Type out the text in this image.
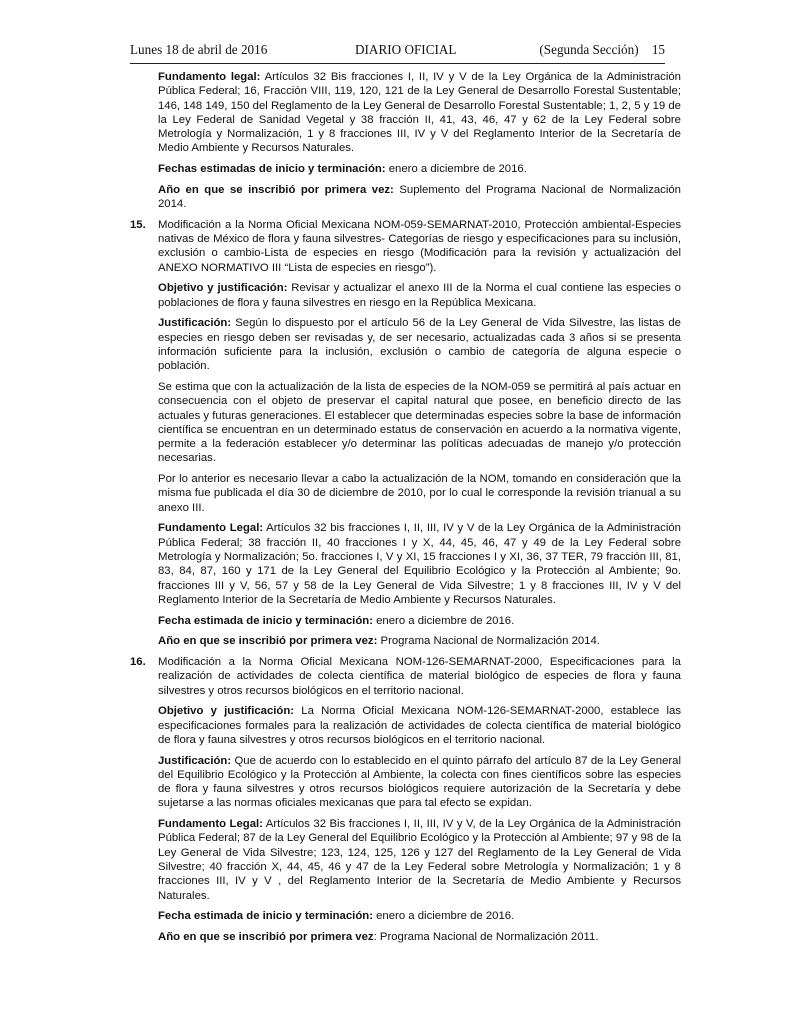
Lunes 18 de abril de 2016	DIARIO OFICIAL	(Segunda Sección) 15

Fundamento legal: Artículos 32 Bis fracciones I, II, IV y V de la Ley Orgánica de la Administración Pública Federal; 16, Fracción VIII, 119, 120, 121 de la Ley General de Desarrollo Forestal Sustentable; 146, 148 149, 150 del Reglamento de la Ley General de Desarrollo Forestal Sustentable; 1, 2, 5 y 19 de la Ley Federal de Sanidad Vegetal y 38 fracción II, 41, 43, 46, 47 y 62 de la Ley Federal sobre Metrología y Normalización, 1 y 8 fracciones III, IV y V del Reglamento Interior de la Secretaría de Medio Ambiente y Recursos Naturales.

Fechas estimadas de inicio y terminación: enero a diciembre de 2016.

Año en que se inscribió por primera vez: Suplemento del Programa Nacional de Normalización 2014.

15. Modificación a la Norma Oficial Mexicana NOM-059-SEMARNAT-2010, Protección ambiental-Especies nativas de México de flora y fauna silvestres- Categorías de riesgo y especificaciones para su inclusión, exclusión o cambio-Lista de especies en riesgo (Modificación para la revisión y actualización del ANEXO NORMATIVO III “Lista de especies en riesgo”).

Objetivo y justificación: Revisar y actualizar el anexo III de la Norma el cual contiene las especies o poblaciones de flora y fauna silvestres en riesgo en la República Mexicana.

Justificación: Según lo dispuesto por el artículo 56 de la Ley General de Vida Silvestre, las listas de especies en riesgo deben ser revisadas y, de ser necesario, actualizadas cada 3 años si se presenta información suficiente para la inclusión, exclusión o cambio de categoría de alguna especie o población.

Se estima que con la actualización de la lista de especies de la NOM-059 se permitirá al país actuar en consecuencia con el objeto de preservar el capital natural que posee, en beneficio directo de las actuales y futuras generaciones. El establecer que determinadas especies sobre la base de información científica se encuentran en un determinado estatus de conservación en acuerdo a la normativa vigente, permite a la federación establecer y/o determinar las políticas adecuadas de manejo y/o protección necesarias.

Por lo anterior es necesario llevar a cabo la actualización de la NOM, tomando en consideración que la misma fue publicada el día 30 de diciembre de 2010, por lo cual le corresponde la revisión trianual a su anexo III.

Fundamento Legal: Artículos 32 bis fracciones I, II, III, IV y V de la Ley Orgánica de la Administración Pública Federal; 38 fracción II, 40 fracciones I y X, 44, 45, 46, 47 y 49 de la Ley Federal sobre Metrología y Normalización; 5o. fracciones I, V y XI, 15 fracciones I y XI, 36, 37 TER, 79 fracción III, 81, 83, 84, 87, 160 y 171 de la Ley General del Equilibrio Ecológico y la Protección al Ambiente; 9o. fracciones III y V, 56, 57 y 58 de la Ley General de Vida Silvestre; 1 y 8 fracciones III, IV y V del Reglamento Interior de la Secretaría de Medio Ambiente y Recursos Naturales.

Fecha estimada de inicio y terminación: enero a diciembre de 2016.

Año en que se inscribió por primera vez: Programa Nacional de Normalización 2014.

16. Modificación a la Norma Oficial Mexicana NOM-126-SEMARNAT-2000, Especificaciones para la realización de actividades de colecta científica de material biológico de especies de flora y fauna silvestres y otros recursos biológicos en el territorio nacional.

Objetivo y justificación: La Norma Oficial Mexicana NOM-126-SEMARNAT-2000, establece las especificaciones formales para la realización de actividades de colecta científica de material biológico de flora y fauna silvestres y otros recursos biológicos en el territorio nacional.

Justificación: Que de acuerdo con lo establecido en el quinto párrafo del artículo 87 de la Ley General del Equilibrio Ecológico y la Protección al Ambiente, la colecta con fines científicos sobre las especies de flora y fauna silvestres y otros recursos biológicos requiere autorización de la Secretaría y debe sujetarse a las normas oficiales mexicanas que para tal efecto se expidan.

Fundamento Legal: Artículos 32 Bis fracciones I, II, III, IV y V, de la Ley Orgánica de la Administración Pública Federal; 87 de la Ley General del Equilibrio Ecológico y la Protección al Ambiente; 97 y 98 de la Ley General de Vida Silvestre; 123, 124, 125, 126 y 127 del Reglamento de la Ley General de Vida Silvestre; 40 fracción X, 44, 45, 46 y 47 de la Ley Federal sobre Metrología y Normalización; 1 y 8 fracciones III, IV y V , del Reglamento Interior de la Secretaría de Medio Ambiente y Recursos Naturales.

Fecha estimada de inicio y terminación: enero a diciembre de 2016.

Año en que se inscribió por primera vez: Programa Nacional de Normalización 2011.
